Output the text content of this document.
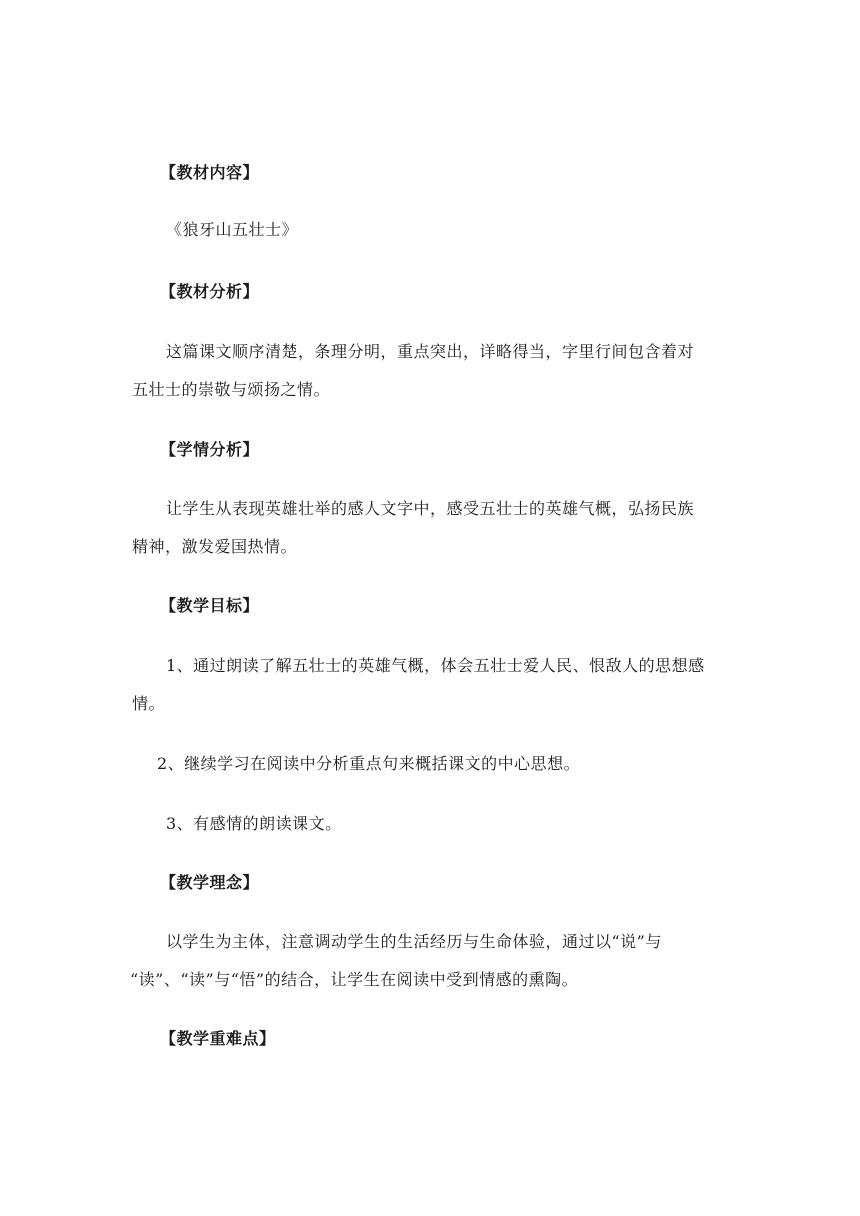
【教材内容】
《狼牙山五壮士》
【教材分析】
这篇课文顺序清楚，条理分明，重点突出，详略得当，字里行间包含着对
五壮士的崇敬与颂扬之情。
【学情分析】
让学生从表现英雄壮举的感人文字中，感受五壮士的英雄气概，弘扬民族
精神，激发爱国热情。
【教学目标】
1、通过朗读了解五壮士的英雄气概，体会五壮士爱人民、恨敌人的思想感
情。
2、继续学习在阅读中分析重点句来概括课文的中心思想。
3、有感情的朗读课文。
【教学理念】
以学生为主体，注意调动学生的生活经历与生命体验，通过以“说”与
“读”、“读”与“悟”的结合，让学生在阅读中受到情感的熏陶。
【教学重难点】
